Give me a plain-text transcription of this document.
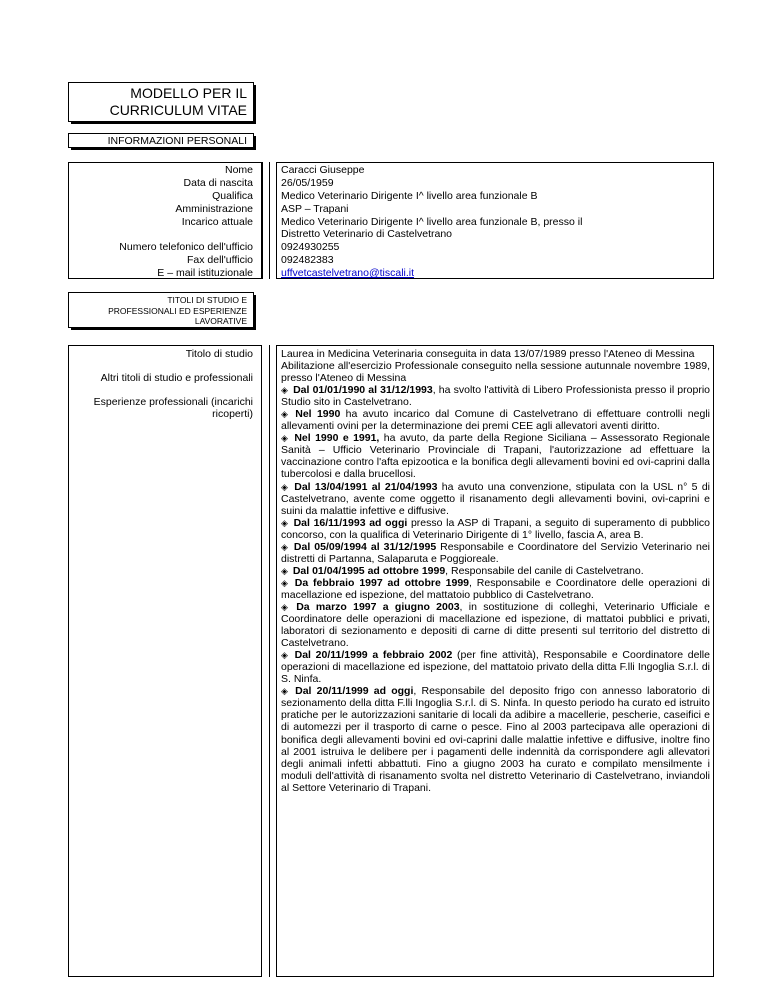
MODELLO PER IL
CURRICULUM VITAE
INFORMAZIONI PERSONALI
Nome
Data di nascita
Qualifica
Amministrazione
Incarico attuale
Numero telefonico dell'ufficio
Fax dell'ufficio
E – mail istituzionale
Caracci Giuseppe
26/05/1959
Medico Veterinario Dirigente I^ livello area funzionale B
ASP – Trapani
Medico Veterinario Dirigente I^ livello area funzionale B, presso il
Distretto Veterinario di Castelvetrano
0924930255
092482383
uffvetcastelvetrano@tiscali.it
TITOLI DI STUDIO E
PROFESSIONALI ED ESPERIENZE
LAVORATIVE
Titolo di studio
Altri titoli di studio e professionali
Esperienze professionali (incarichi
ricoperti)

Laurea in Medicina Veterinaria conseguita in data 13/07/1989 presso l'Ateneo di Messina

Abilitazione all'esercizio Professionale conseguito nella sessione autunnale novembre 1989, presso l'Ateneo di Messina

◈ Dal 01/01/1990 al 31/12/1993, ha svolto l'attività di Libero Professionista presso il proprio Studio sito in Castelvetrano.

◈ Nel 1990 ha avuto incarico dal Comune di Castelvetrano di effettuare controlli negli allevamenti ovini per la determinazione dei premi CEE agli allevatori aventi diritto.

◈ Nel 1990 e 1991, ha avuto, da parte della Regione Siciliana – Assessorato Regionale Sanità – Ufficio Veterinario Provinciale di Trapani, l'autorizzazione ad effettuare la vaccinazione contro l'afta epizootica e la bonifica degli allevamenti bovini ed ovi-caprini dalla tubercolosi e dalla brucellosi.

◈ Dal 13/04/1991 al 21/04/1993 ha avuto una convenzione, stipulata con la USL n° 5 di Castelvetrano, avente come oggetto il risanamento degli allevamenti bovini, ovi-caprini e suini da malattie infettive e diffusive.

◈ Dal 16/11/1993 ad oggi presso la ASP di Trapani, a seguito di superamento di pubblico concorso, con la qualifica di Veterinario Dirigente di 1° livello, fascia A, area B.

◈ Dal 05/09/1994 al 31/12/1995 Responsabile e Coordinatore del Servizio Veterinario nei distretti di Partanna, Salaparuta e Poggioreale.

◈ Dal 01/04/1995 ad ottobre 1999, Responsabile del canile di Castelvetrano.

◈ Da febbraio 1997 ad ottobre 1999, Responsabile e Coordinatore delle operazioni di macellazione ed ispezione, del mattatoio pubblico di Castelvetrano.

◈ Da marzo 1997 a giugno 2003, in sostituzione di colleghi, Veterinario Ufficiale e Coordinatore delle operazioni di macellazione ed ispezione, di mattatoi pubblici e privati, laboratori di sezionamento e depositi di carne di ditte presenti sul territorio del distretto di Castelvetrano.

◈ Dal 20/11/1999 a febbraio 2002 (per fine attività), Responsabile e Coordinatore delle operazioni di macellazione ed ispezione, del mattatoio privato della ditta F.lli Ingoglia S.r.l. di S. Ninfa.

◈ Dal 20/11/1999 ad oggi, Responsabile del deposito frigo con annesso laboratorio di sezionamento della ditta F.lli Ingoglia S.r.l. di S. Ninfa. In questo periodo ha curato ed istruito pratiche per le autorizzazioni sanitarie di locali da adibire a macellerie, pescherie, caseifici e di automezzi per il trasporto di carne o pesce. Fino al 2003 partecipava alle operazioni di bonifica degli allevamenti bovini ed ovi-caprini dalle malattie infettive e diffusive, inoltre fino al 2001 istruiva le delibere per i pagamenti delle indennità da corrispondere agli allevatori degli animali infetti abbattuti. Fino a giugno 2003 ha curato e compilato mensilmente i moduli dell'attività di risanamento svolta nel distretto Veterinario di Castelvetrano, inviandoli al Settore Veterinario di Trapani.
